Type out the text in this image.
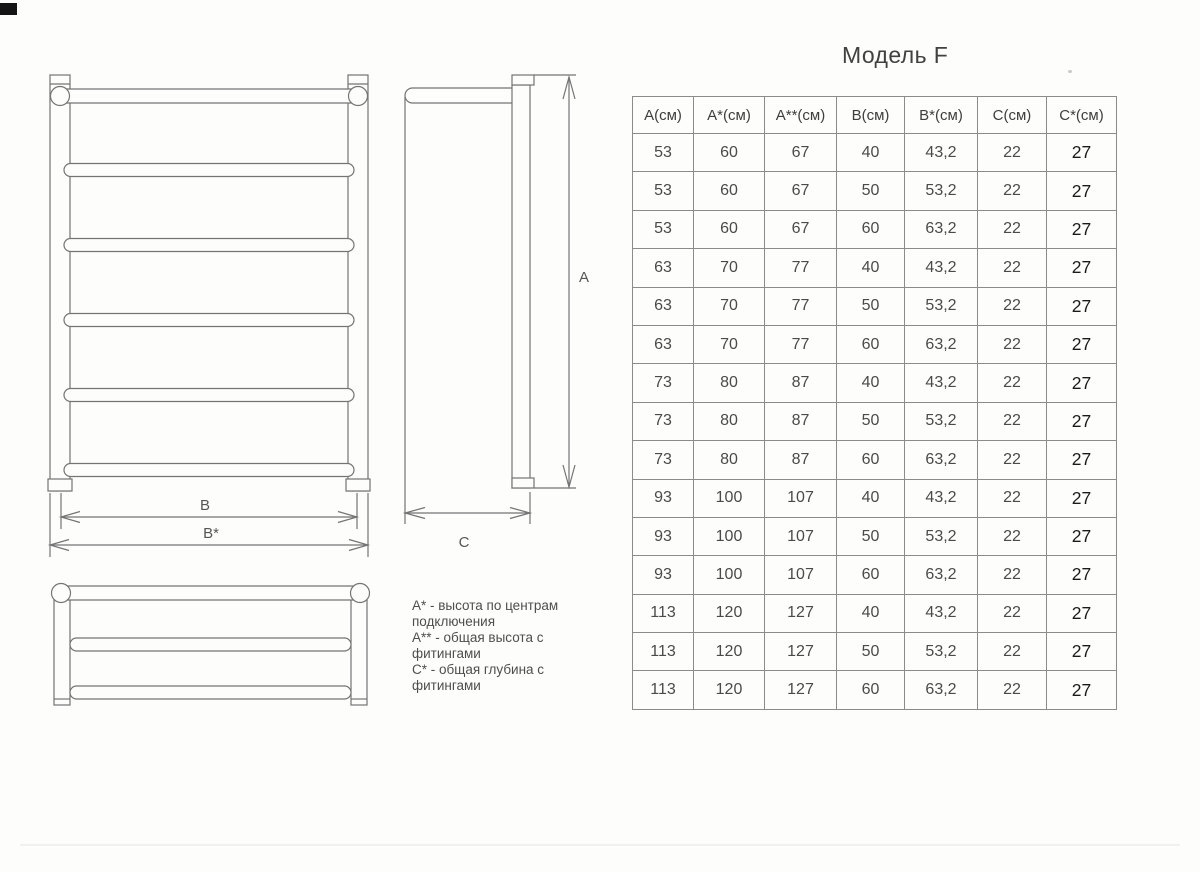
B
B*
A
C
А* - высота по центрам
подключения
А** - общая высота с
фитингами
С* - общая глубина с
фитингами
Модель F
А(см)	А*(см)	А**(см)	В(см)	В*(см)	С(см)	С*(см)
53	60	67	40	43,2	22	27
53	60	67	50	53,2	22	27
53	60	67	60	63,2	22	27
63	70	77	40	43,2	22	27
63	70	77	50	53,2	22	27
63	70	77	60	63,2	22	27
73	80	87	40	43,2	22	27
73	80	87	50	53,2	22	27
73	80	87	60	63,2	22	27
93	100	107	40	43,2	22	27
93	100	107	50	53,2	22	27
93	100	107	60	63,2	22	27
113	120	127	40	43,2	22	27
113	120	127	50	53,2	22	27
113	120	127	60	63,2	22	27
